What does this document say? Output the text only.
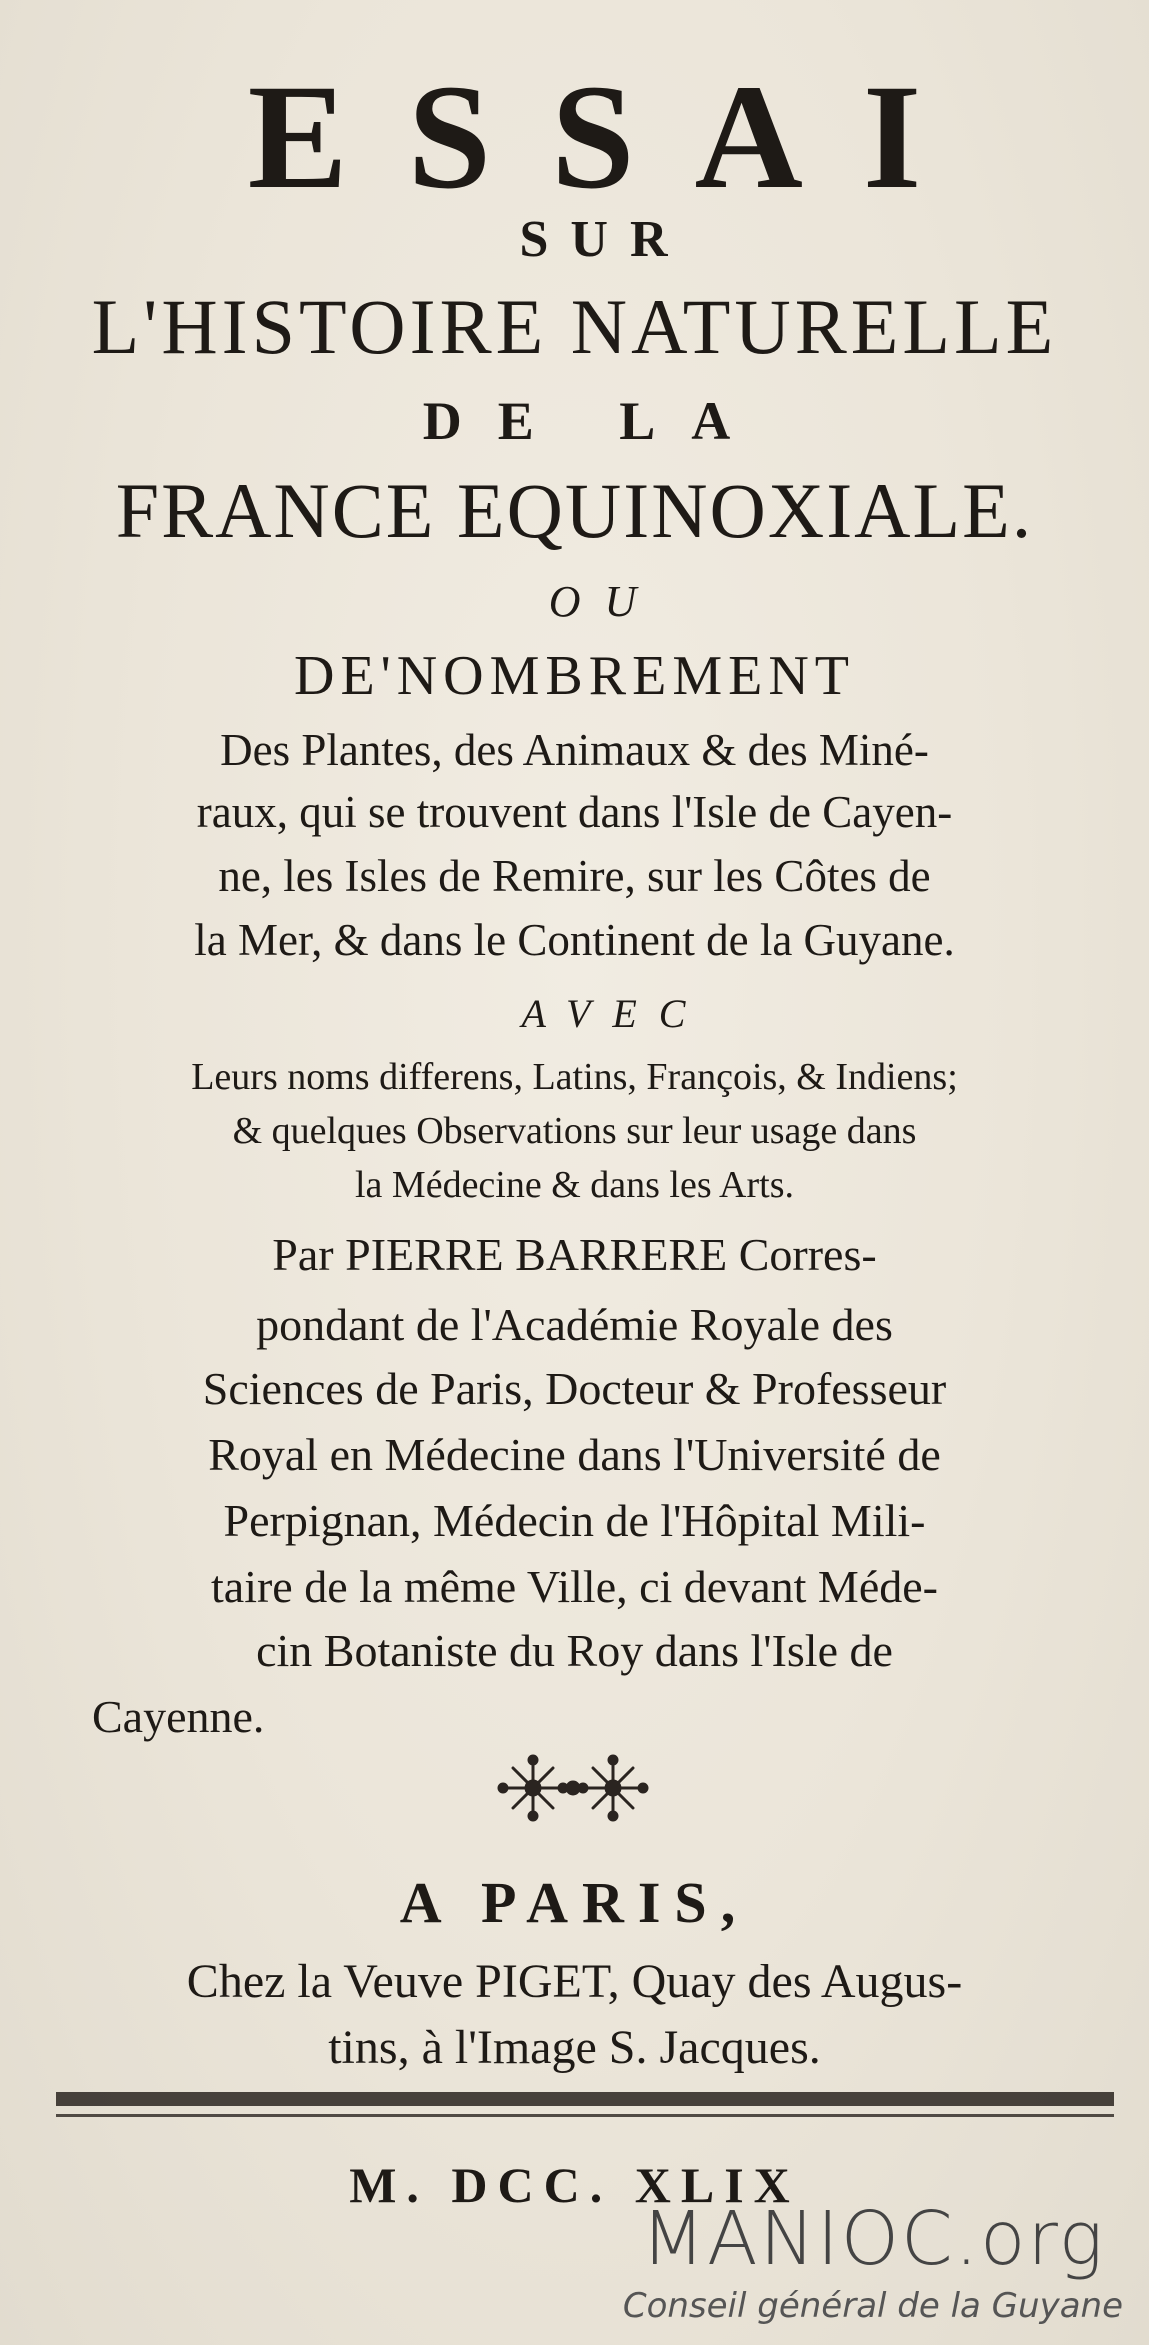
ESSAI
SUR
L'HISTOIRE NATURELLE
DE LA
FRANCE EQUINOXIALE.
OU
DE'NOMBREMENT
Des Plantes, des Animaux & des Miné-
raux, qui se trouvent dans l'Isle de Cayen-
ne, les Isles de Remire, sur les Côtes de
la Mer, & dans le Continent de la Guyane.
AVEC
Leurs noms differens, Latins, François, & Indiens;
& quelques Observations sur leur usage dans
la Médecine & dans les Arts.
Par PIERRE BARRERE Corres-
pondant de l'Académie Royale des
Sciences de Paris, Docteur & Professeur
Royal en Médecine dans l'Université de
Perpignan, Médecin de l'Hôpital Mili-
taire de la même Ville, ci devant Méde-
cin Botaniste du Roy dans l'Isle de
Cayenne.
A PARIS,
Chez la Veuve PIGET, Quay des Augus-
tins, à l'Image S. Jacques.
M. DCC. XLIX
MANIOC.org
Conseil général de la Guyane
